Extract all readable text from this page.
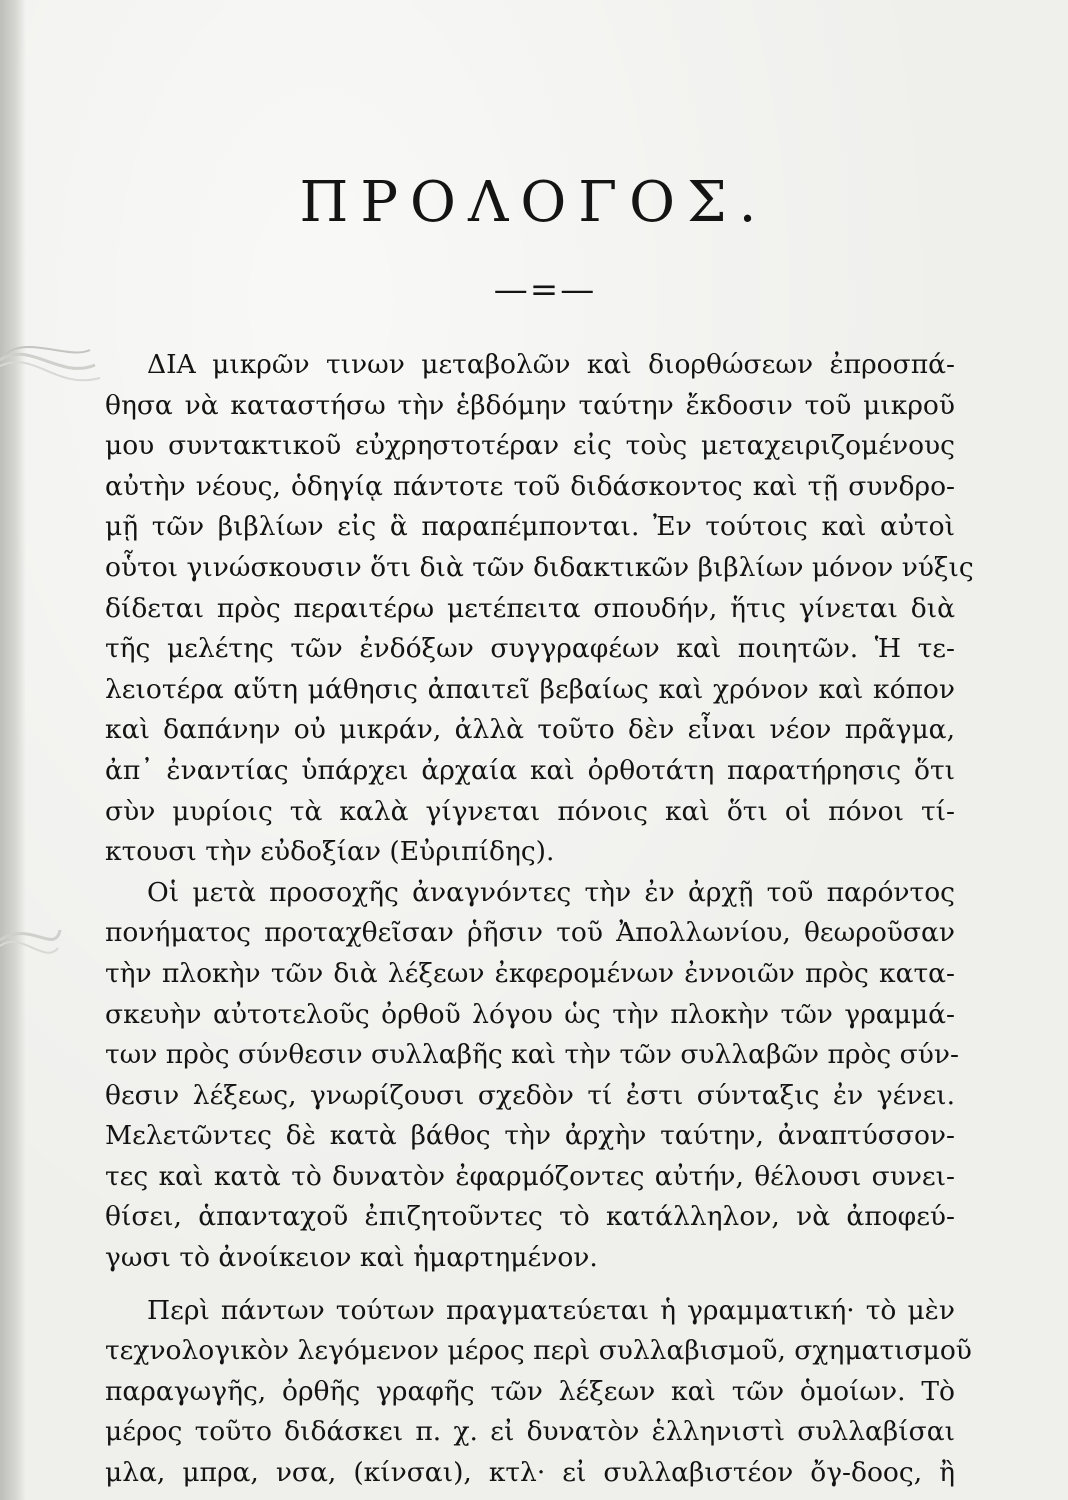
ΠΡΟΛΟΓΟΣ.
—=—
ΔΙΑ μικρῶν τινων μεταβολῶν καὶ διορθώσεων ἐπροσπά-
θησα νὰ καταστήσω τὴν ἑβδόμην ταύτην ἔκδοσιν τοῦ μικροῦ
μου συντακτικοῦ εὐχρηστοτέραν εἰς τοὺς μεταχειριζομένους
αὐτὴν νέους, ὁδηγίᾳ πάντοτε τοῦ διδάσκοντος καὶ τῇ συνδρο-
μῇ τῶν βιβλίων εἰς ἃ παραπέμπονται. Ἐν τούτοις καὶ αὐτοὶ
οὗτοι γινώσκουσιν ὅτι διὰ τῶν διδακτικῶν βιβλίων μόνον νύξις
δίδεται πρὸς περαιτέρω μετέπειτα σπουδήν, ἥτις γίνεται διὰ
τῆς μελέτης τῶν ἐνδόξων συγγραφέων καὶ ποιητῶν. Ἡ τε-
λειοτέρα αὕτη μάθησις ἀπαιτεῖ βεβαίως καὶ χρόνον καὶ κόπον
καὶ δαπάνην οὐ μικράν, ἀλλὰ τοῦτο δὲν εἶναι νέον πρᾶγμα,
ἀπ᾽ ἐναντίας ὑπάρχει ἀρχαία καὶ ὀρθοτάτη παρατήρησις ὅτι
σὺν μυρίοις τὰ καλὰ γίγνεται πόνοις καὶ ὅτι οἱ πόνοι τί-
κτουσι τὴν εὐδοξίαν (Εὐριπίδης).
Οἱ μετὰ προσοχῆς ἀναγνόντες τὴν ἐν ἀρχῇ τοῦ παρόντος
πονήματος προταχθεῖσαν ῥῆσιν τοῦ Ἀπολλωνίου, θεωροῦσαν
τὴν πλοκὴν τῶν διὰ λέξεων ἐκφερομένων ἐννοιῶν πρὸς κατα-
σκευὴν αὐτοτελοῦς ὀρθοῦ λόγου ὡς τὴν πλοκὴν τῶν γραμμά-
των πρὸς σύνθεσιν συλλαβῆς καὶ τὴν τῶν συλλαβῶν πρὸς σύν-
θεσιν λέξεως, γνωρίζουσι σχεδὸν τί ἐστι σύνταξις ἐν γένει.
Μελετῶντες δὲ κατὰ βάθος τὴν ἀρχὴν ταύτην, ἀναπτύσσον-
τες καὶ κατὰ τὸ δυνατὸν ἐφαρμόζοντες αὐτήν, θέλουσι συνει-
θίσει, ἁπανταχοῦ ἐπιζητοῦντες τὸ κατάλληλον, νὰ ἀποφεύ-
γωσι τὸ ἀνοίκειον καὶ ἡμαρτημένον.
Περὶ πάντων τούτων πραγματεύεται ἡ γραμματική· τὸ μὲν
τεχνολογικὸν λεγόμενον μέρος περὶ συλλαβισμοῦ, σχηματισμοῦ
παραγωγῆς, ὀρθῆς γραφῆς τῶν λέξεων καὶ τῶν ὁμοίων. Τὸ
μέρος τοῦτο διδάσκει π. χ. εἰ δυνατὸν ἑλληνιστὶ συλλαβίσαι
μλα, μπρα, νσα, (κίνσαι), κτλ· εἰ συλλαβιστέον ὄγ-δοος, ἢ
